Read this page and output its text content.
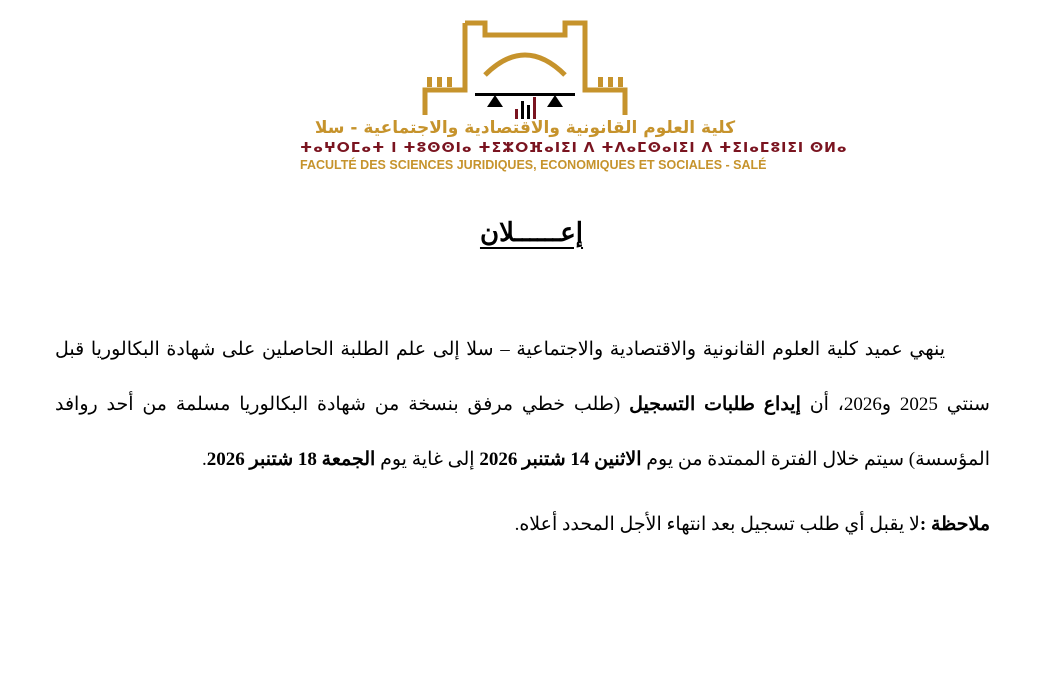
كلية العلوم القانونية والاقتصادية والاجتماعية - سلا
ⵜⴰⵖⵔⵎⴰⵜ ⵏ ⵜⵓⵙⵙⵏⴰ ⵜⵉⵣⵔⴼⴰⵏⵉⵏ ⴷ ⵜⴷⴰⵎⵙⴰⵏⵉⵏ ⴷ ⵜⵉⵏⴰⵎⵓⵏⵉⵏ ⵙⵍⴰ
FACULTÉ DES SCIENCES JURIDIQUES, ECONOMIQUES ET SOCIALES - SALÉ
إعــــــلان

ينهي عميد كلية العلوم القانونية والاقتصادية والاجتماعية – سلا إلى علم الطلبة الحاصلين على شهادة البكالوريا قبل سنتي 2025 و2026، أن إيداع طلبات التسجيل (طلب خطي مرفق بنسخة من شهادة البكالوريا مسلمة من أحد روافد المؤسسة) سيتم خلال الفترة الممتدة من يوم الاثنين 14 شتنبر 2026 إلى غاية يوم الجمعة 18 شتنبر 2026.

ملاحظة :لا يقبل أي طلب تسجيل بعد انتهاء الأجل المحدد أعلاه.
